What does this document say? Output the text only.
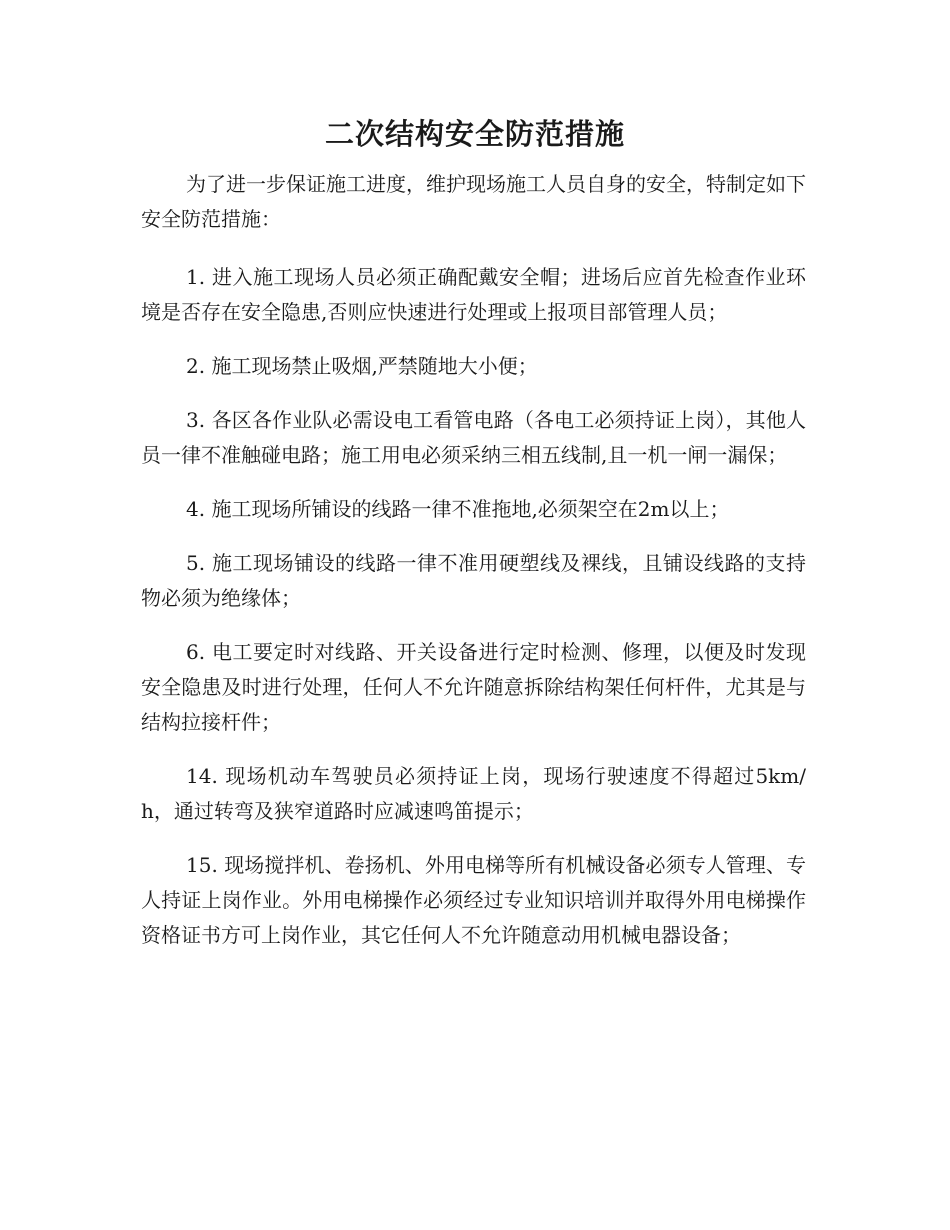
二次结构安全防范措施

为了进一步保证施工进度，维护现场施工人员自身的安全，特制定如下安全防范措施：

1. 进入施工现场人员必须正确配戴安全帽；进场后应首先检查作业环境是否存在安全隐患,否则应快速进行处理或上报项目部管理人员；

2. 施工现场禁止吸烟,严禁随地大小便；

3. 各区各作业队必需设电工看管电路（各电工必须持证上岗），其他人员一律不准触碰电路；施工用电必须采纳三相五线制,且一机一闸一漏保；

4. 施工现场所铺设的线路一律不准拖地,必须架空在2m以上；

5. 施工现场铺设的线路一律不准用硬塑线及裸线，且铺设线路的支持物必须为绝缘体；

6. 电工要定时对线路、开关设备进行定时检测、修理，以便及时发现安全隐患及时进行处理，任何人不允许随意拆除结构架任何杆件，尤其是与结构拉接杆件；

14. 现场机动车驾驶员必须持证上岗，现场行驶速度不得超过5km/h，通过转弯及狭窄道路时应减速鸣笛提示；

15. 现场搅拌机、卷扬机、外用电梯等所有机械设备必须专人管理、专人持证上岗作业。外用电梯操作必须经过专业知识培训并取得外用电梯操作资格证书方可上岗作业，其它任何人不允许随意动用机械电器设备；
